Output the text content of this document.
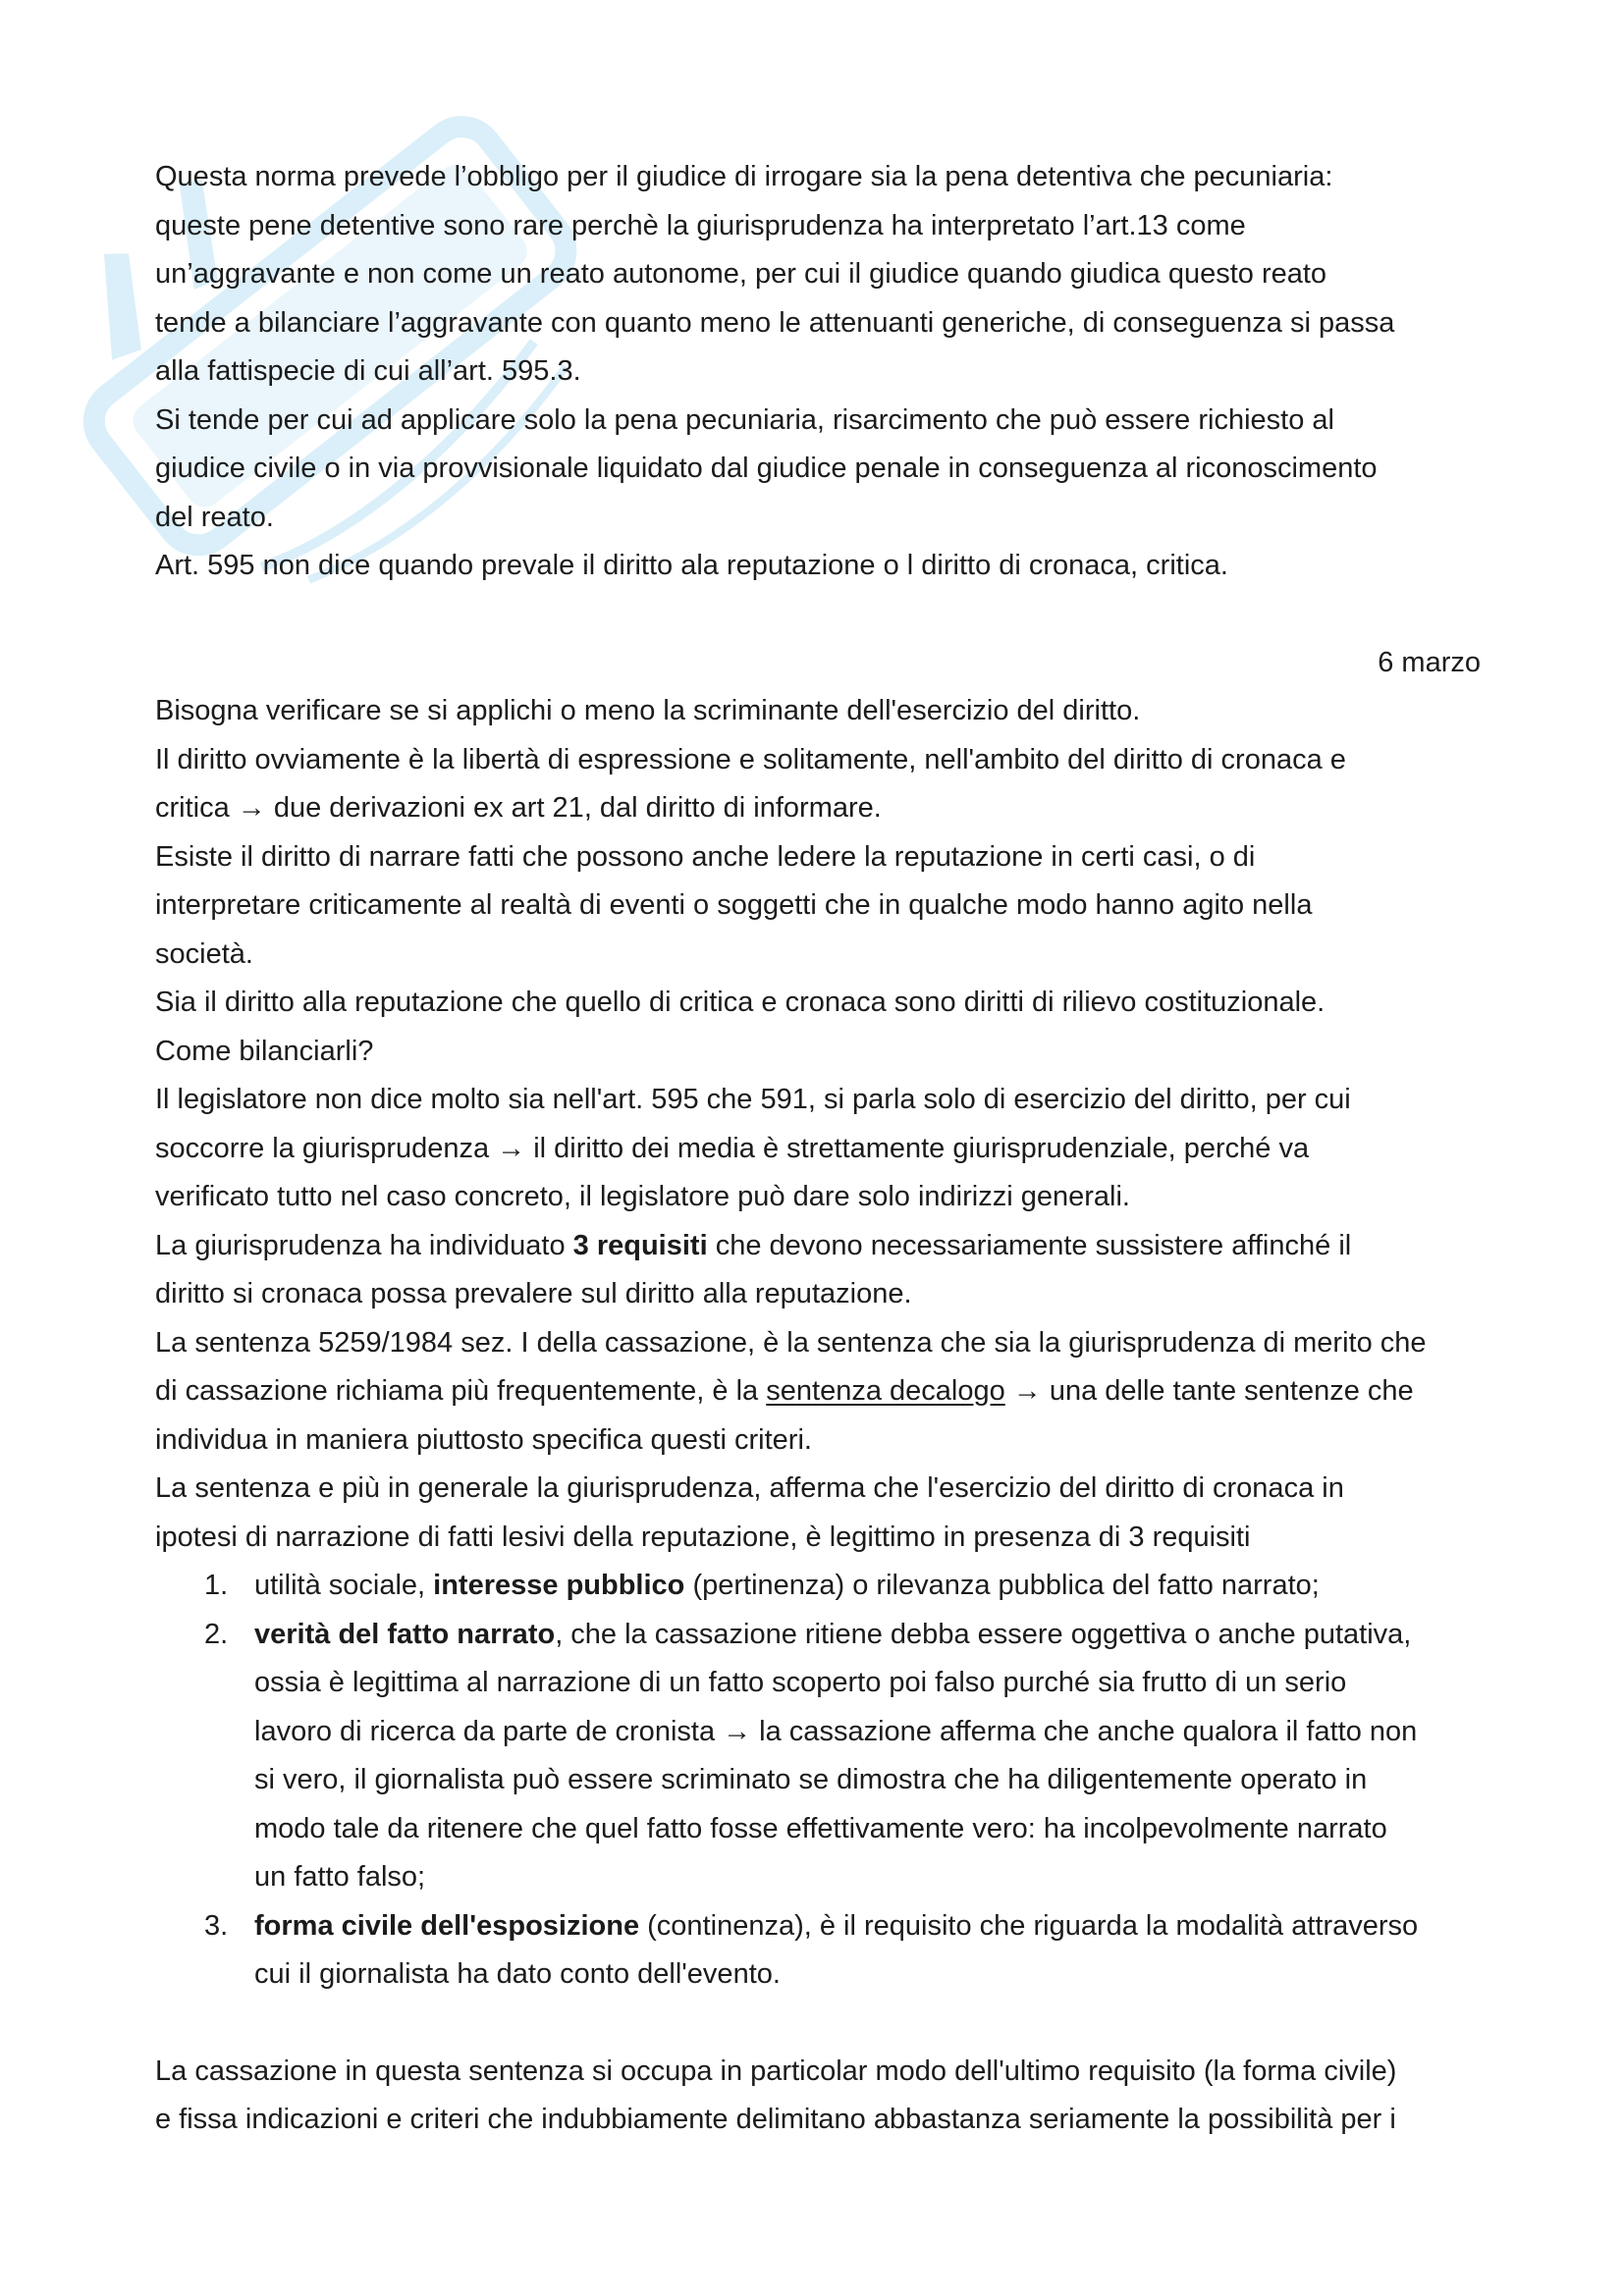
Questa norma prevede l’obbligo per il giudice di irrogare sia la pena detentiva che pecuniaria:

queste pene detentive sono rare perchè la giurisprudenza ha interpretato l’art.13 come

un’aggravante e non come un reato autonome, per cui il giudice quando giudica questo reato

tende a bilanciare l’aggravante con quanto meno le attenuanti generiche, di conseguenza si passa

alla fattispecie di cui all’art. 595.3.

Si tende per cui ad applicare solo la pena pecuniaria, risarcimento che può essere richiesto al

giudice civile o in via provvisionale liquidato dal giudice penale in conseguenza al riconoscimento

del reato.

Art. 595 non dice quando prevale il diritto ala reputazione o l diritto di cronaca, critica.

6 marzo

Bisogna verificare se si applichi o meno la scriminante dell'esercizio del diritto.

Il diritto ovviamente è la libertà di espressione e solitamente, nell'ambito del diritto di cronaca e

critica → due derivazioni ex art 21, dal diritto di informare.

Esiste il diritto di narrare fatti che possono anche ledere la reputazione in certi casi, o di

interpretare criticamente al realtà di eventi o soggetti che in qualche modo hanno agito nella

società.

Sia il diritto alla reputazione che quello di critica e cronaca sono diritti di rilievo costituzionale.

Come bilanciarli?

Il legislatore non dice molto sia nell'art. 595 che 591, si parla solo di esercizio del diritto, per cui

soccorre la giurisprudenza → il diritto dei media è strettamente giurisprudenziale, perché va

verificato tutto nel caso concreto, il legislatore può dare solo indirizzi generali.

La giurisprudenza ha individuato 3 requisiti che devono necessariamente sussistere affinché il

diritto si cronaca possa prevalere sul diritto alla reputazione.

La sentenza 5259/1984 sez. I della cassazione, è la sentenza che sia la giurisprudenza di merito che

di cassazione richiama più frequentemente, è la sentenza decalogo → una delle tante sentenze che

individua in maniera piuttosto specifica questi criteri.

La sentenza e più in generale la giurisprudenza, afferma che l'esercizio del diritto di cronaca in

ipotesi di narrazione di fatti lesivi della reputazione, è legittimo in presenza di 3 requisiti

1. utilità sociale, interesse pubblico (pertinenza) o rilevanza pubblica del fatto narrato;

2. verità del fatto narrato, che la cassazione ritiene debba essere oggettiva o anche putativa,

ossia è legittima al narrazione di un fatto scoperto poi falso purché sia frutto di un serio

lavoro di ricerca da parte de cronista → la cassazione afferma che anche qualora il fatto non

si vero, il giornalista può essere scriminato se dimostra che ha diligentemente operato in

modo tale da ritenere che quel fatto fosse effettivamente vero: ha incolpevolmente narrato

un fatto falso;

3. forma civile dell'esposizione (continenza), è il requisito che riguarda la modalità attraverso

cui il giornalista ha dato conto dell'evento.

La cassazione in questa sentenza si occupa in particolar modo dell'ultimo requisito (la forma civile)

e fissa indicazioni e criteri che indubbiamente delimitano abbastanza seriamente la possibilità per i
